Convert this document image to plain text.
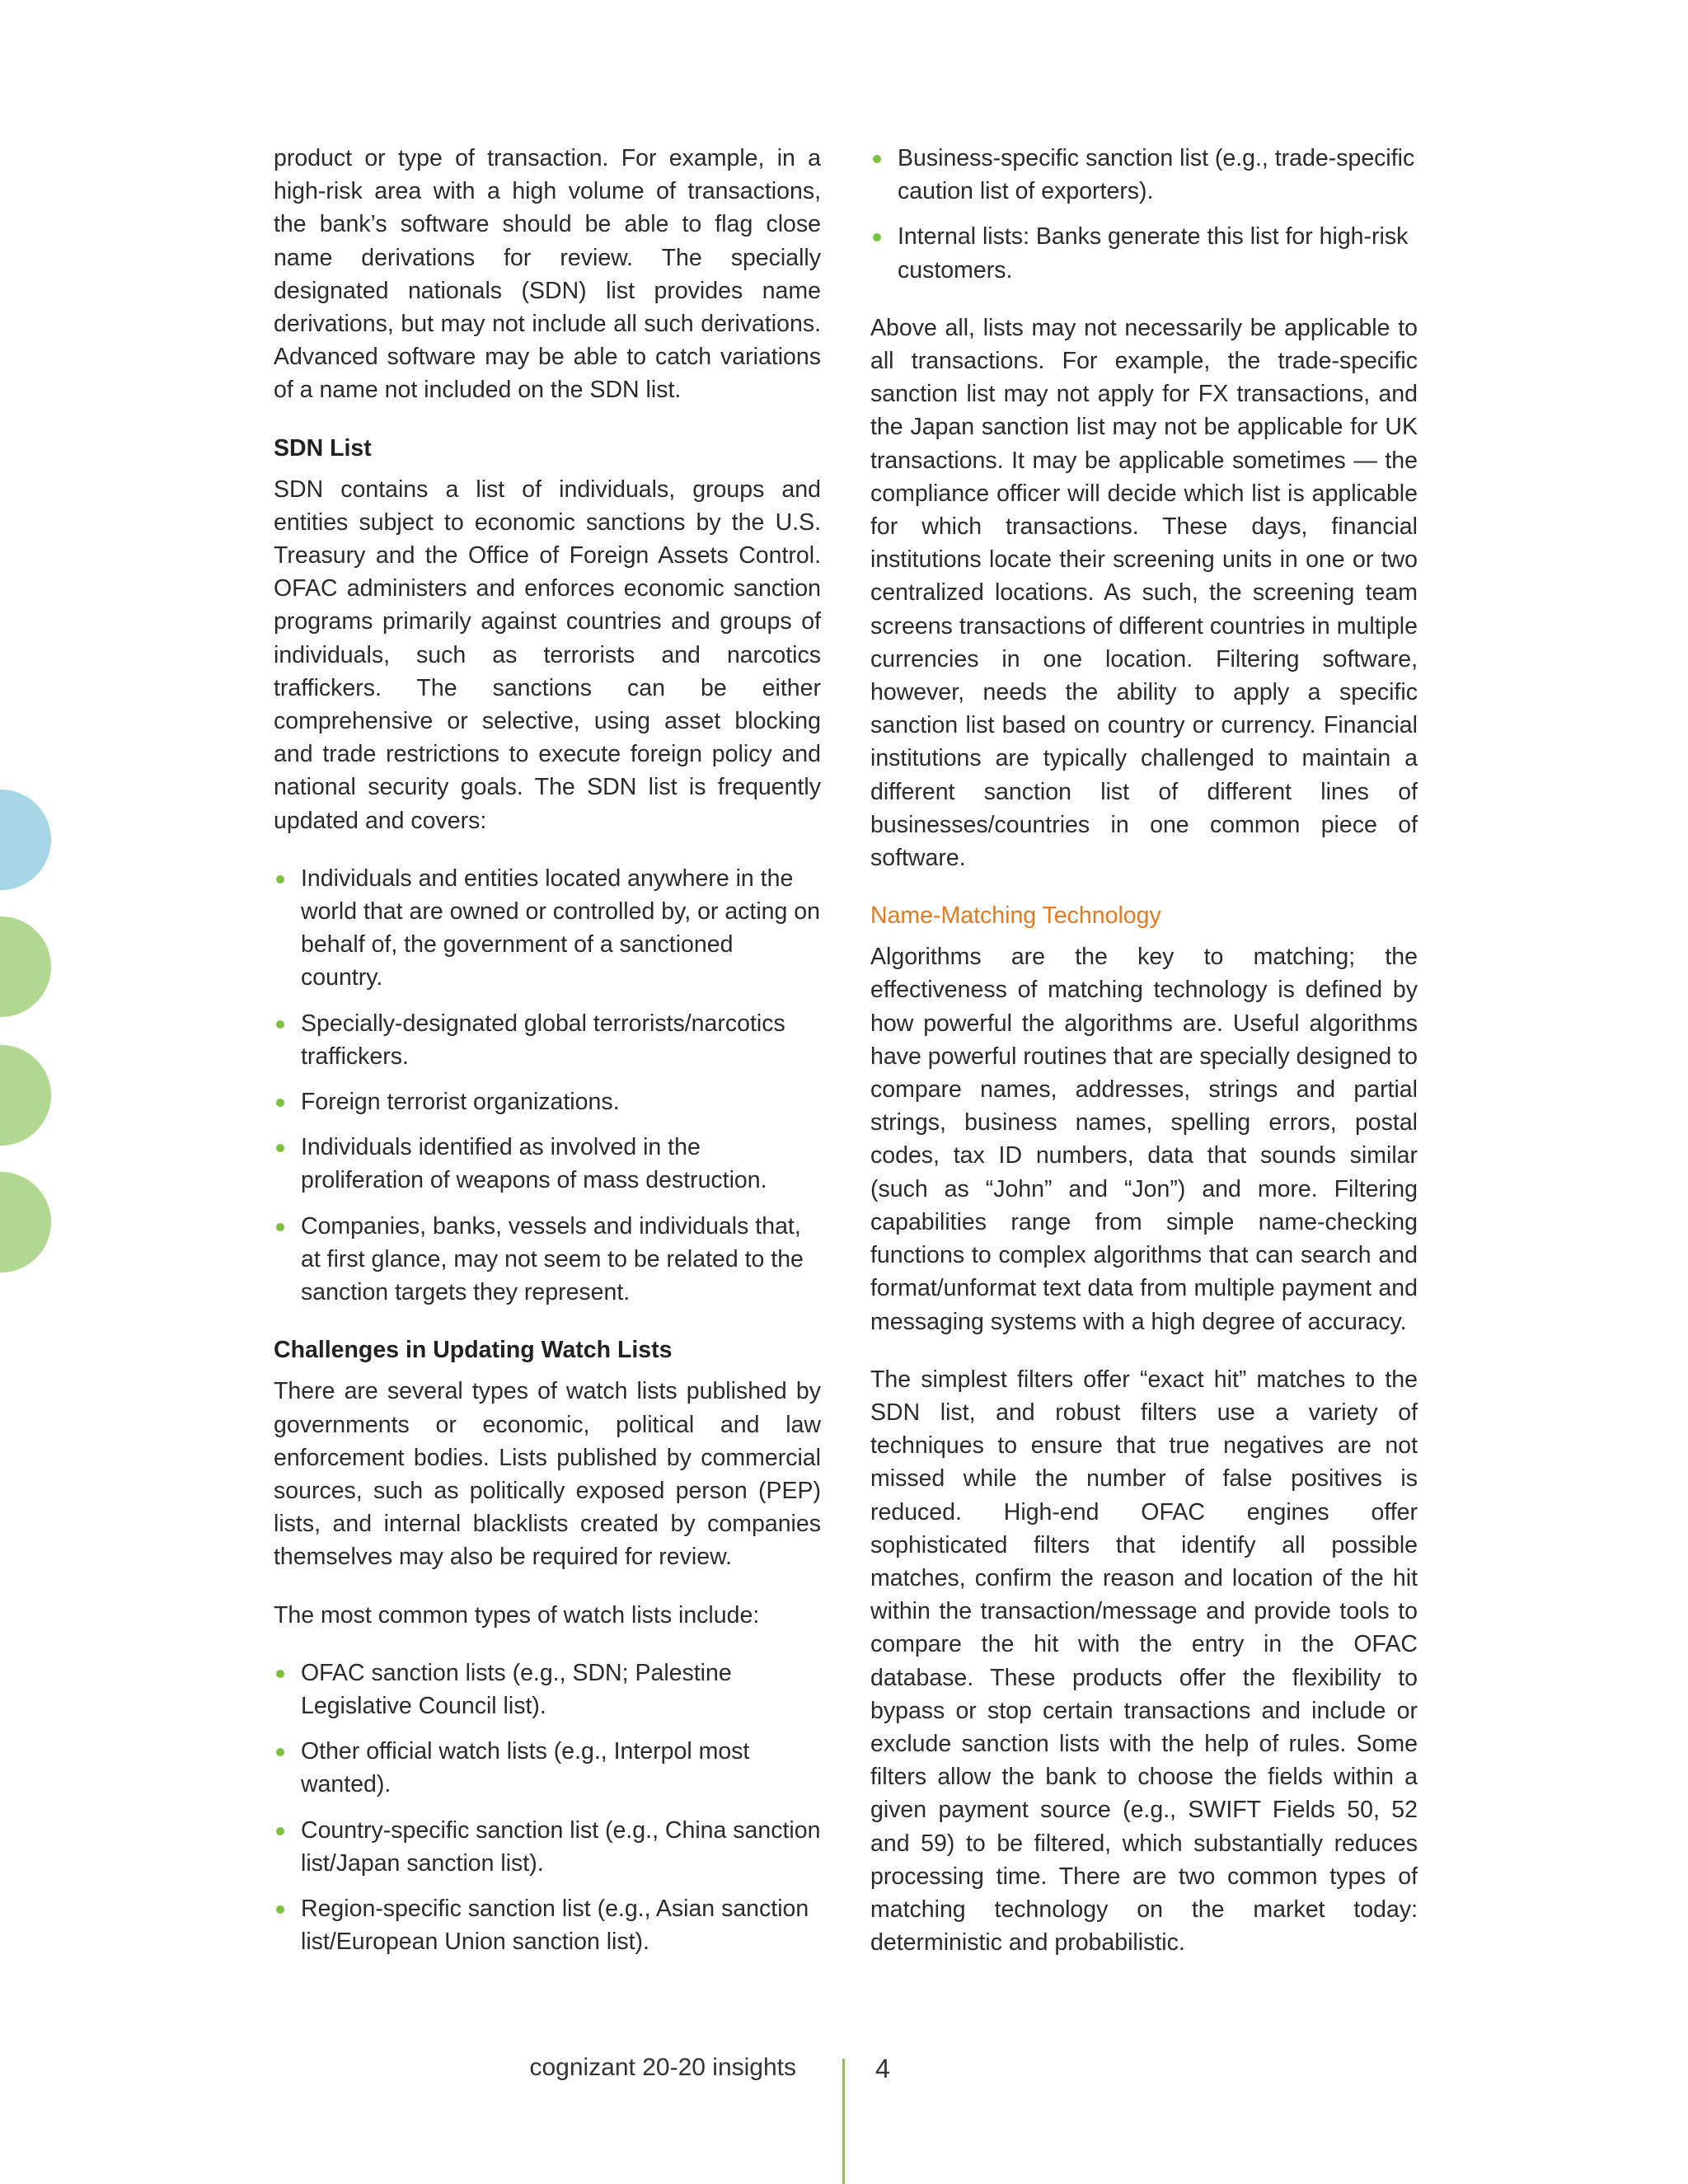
product or type of transaction. For example, in a high-risk area with a high volume of transactions, the bank’s software should be able to flag close name derivations for review. The specially designated nationals (SDN) list provides name derivations, but may not include all such derivations. Advanced software may be able to catch variations of a name not included on the SDN list.

SDN List

SDN contains a list of individuals, groups and entities subject to economic sanctions by the U.S. Treasury and the Office of Foreign Assets Control. OFAC administers and enforces economic sanction programs primarily against countries and groups of individuals, such as terrorists and narcotics traffickers. The sanctions can be either comprehensive or selective, using asset blocking and trade restrictions to execute foreign policy and national security goals. The SDN list is frequently updated and covers:

Individuals and entities located anywhere in the world that are owned or controlled by, or acting on behalf of, the government of a sanctioned country.
Specially-designated global terrorists/narcotics traffickers.
Foreign terrorist organizations.
Individuals identified as involved in the proliferation of weapons of mass destruction.
Companies, banks, vessels and individuals that, at first glance, may not seem to be related to the sanction targets they represent.
Challenges in Updating Watch Lists

There are several types of watch lists published by governments or economic, political and law enforcement bodies. Lists published by commercial sources, such as politically exposed person (PEP) lists, and internal blacklists created by companies themselves may also be required for review.

The most common types of watch lists include:

OFAC sanction lists (e.g., SDN; Palestine Legislative Council list).
Other official watch lists (e.g., Interpol most wanted).
Country-specific sanction list (e.g., China sanction list/Japan sanction list).
Region-specific sanction list (e.g., Asian sanction list/European Union sanction list).
Business-specific sanction list (e.g., trade-specific caution list of exporters).
Internal lists: Banks generate this list for high-risk customers.

Above all, lists may not necessarily be applicable to all transactions. For example, the trade-specific sanction list may not apply for FX transactions, and the Japan sanction list may not be applicable for UK transactions. It may be applicable sometimes — the compliance officer will decide which list is applicable for which transactions. These days, financial institutions locate their screening units in one or two centralized locations. As such, the screening team screens transactions of different countries in multiple currencies in one location. Filtering software, however, needs the ability to apply a specific sanction list based on country or currency. Financial institutions are typically challenged to maintain a different sanction list of different lines of businesses/countries in one common piece of software.

Name-Matching Technology

Algorithms are the key to matching; the effectiveness of matching technology is defined by how powerful the algorithms are. Useful algorithms have powerful routines that are specially designed to compare names, addresses, strings and partial strings, business names, spelling errors, postal codes, tax ID numbers, data that sounds similar (such as “John” and “Jon”) and more. Filtering capabilities range from simple name-checking functions to complex algorithms that can search and format/unformat text data from multiple payment and messaging systems with a high degree of accuracy.

The simplest filters offer “exact hit” matches to the SDN list, and robust filters use a variety of techniques to ensure that true negatives are not missed while the number of false positives is reduced. High-end OFAC engines offer sophisticated filters that identify all possible matches, confirm the reason and location of the hit within the transaction/message and provide tools to compare the hit with the entry in the OFAC database. These products offer the flexibility to bypass or stop certain transactions and include or exclude sanction lists with the help of rules. Some filters allow the bank to choose the fields within a given payment source (e.g., SWIFT Fields 50, 52 and 59) to be filtered, which substantially reduces processing time. There are two common types of matching technology on the market today: deterministic and probabilistic.

cognizant 20-20 insights	4
